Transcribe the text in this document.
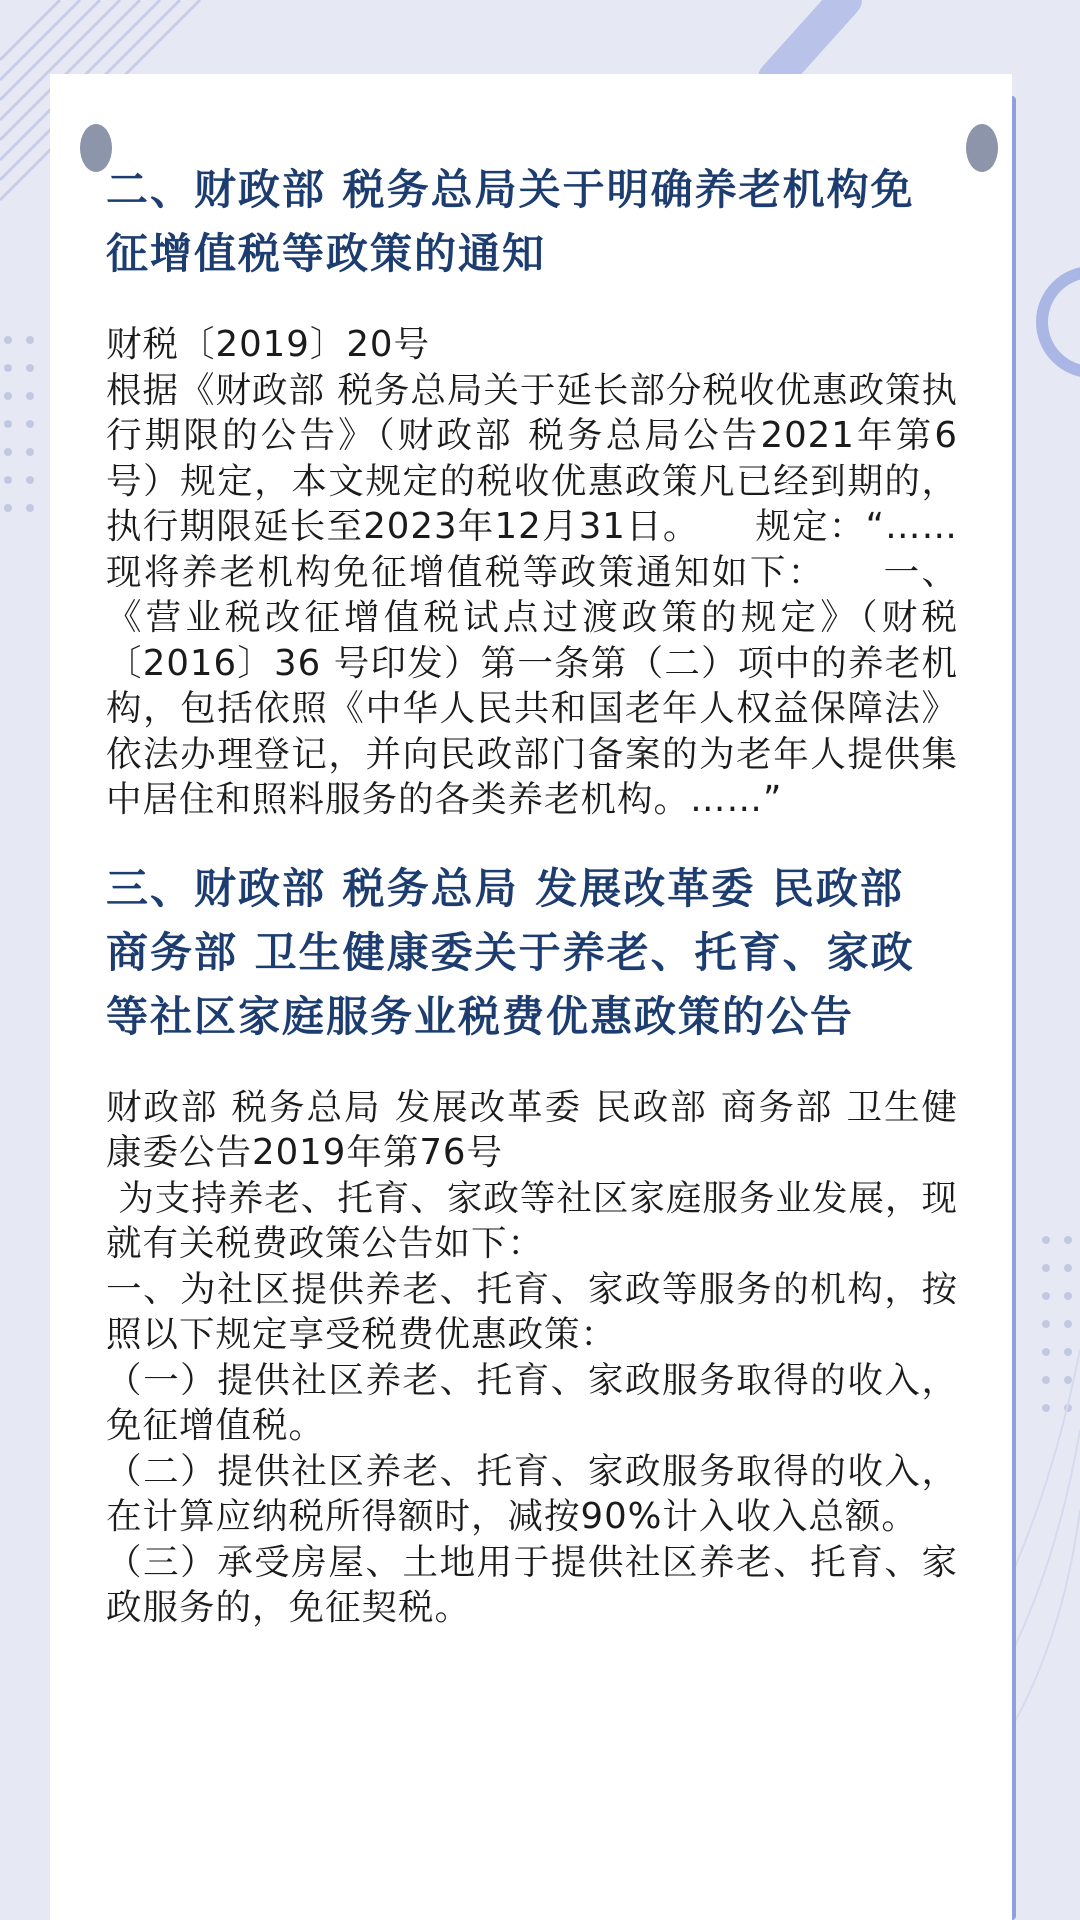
二、财政部 税务总局关于明确养老机构免征增值税等政策的通知

财税〔2019〕20号
根据《财政部 税务总局关于延长部分税收优惠政策执行期限的公告》（财政部 税务总局公告2021年第6号）规定，本文规定的税收优惠政策凡已经到期的，执行期限延长至2023年12月31日。　　规定：“……现将养老机构免征增值税等政策通知如下：　　一、《营业税改征增值税试点过渡政策的规定》（财税〔2016〕36 号印发）第一条第（二）项中的养老机构，包括依照《中华人民共和国老年人权益保障法》依法办理登记，并向民政部门备案的为老年人提供集中居住和照料服务的各类养老机构。……”

三、财政部 税务总局 发展改革委 民政部 商务部 卫生健康委关于养老、托育、家政等社区家庭服务业税费优惠政策的公告

财政部 税务总局 发展改革委 民政部 商务部 卫生健康委公告2019年第76号
为支持养老、托育、家政等社区家庭服务业发展，现就有关税费政策公告如下：
一、为社区提供养老、托育、家政等服务的机构，按照以下规定享受税费优惠政策：
（一）提供社区养老、托育、家政服务取得的收入，免征增值税。
（二）提供社区养老、托育、家政服务取得的收入，在计算应纳税所得额时，减按90%计入收入总额。
（三）承受房屋、土地用于提供社区养老、托育、家政服务的，免征契税。
